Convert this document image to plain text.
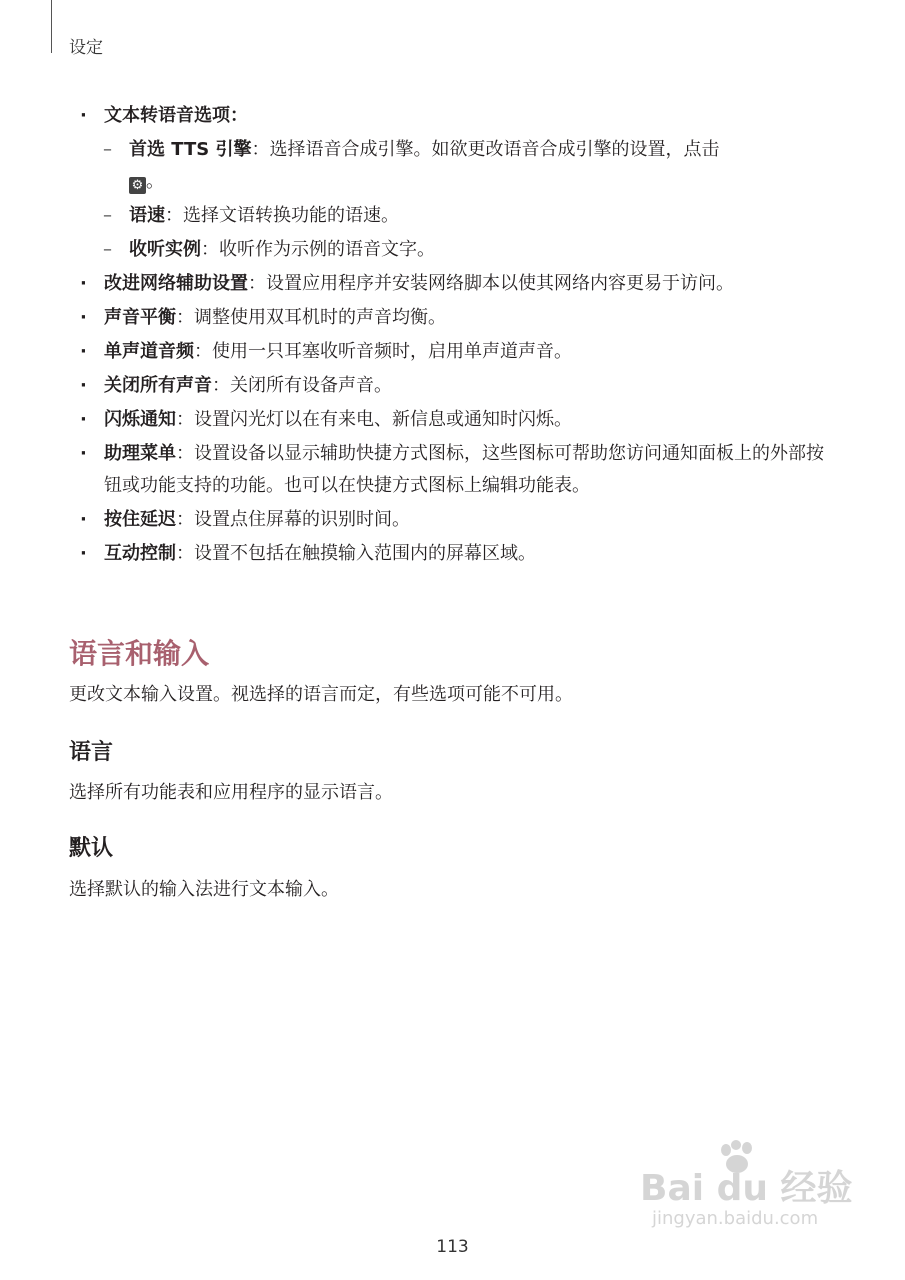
设定
· 文本转语音选项：
– 首选 TTS 引擎：选择语音合成引擎。如欲更改语音合成引擎的设置，点击
⚙ 。
– 语速：选择文语转换功能的语速。
– 收听实例：收听作为示例的语音文字。
· 改进网络辅助设置：设置应用程序并安装网络脚本以使其网络内容更易于访问。
· 声音平衡：调整使用双耳机时的声音均衡。
· 单声道音频：使用一只耳塞收听音频时，启用单声道声音。
· 关闭所有声音：关闭所有设备声音。
· 闪烁通知：设置闪光灯以在有来电、新信息或通知时闪烁。
· 助理菜单：设置设备以显示辅助快捷方式图标，这些图标可帮助您访问通知面板上的外部按钮或功能支持的功能。也可以在快捷方式图标上编辑功能表。
· 按住延迟：设置点住屏幕的识别时间。
· 互动控制：设置不包括在触摸输入范围内的屏幕区域。
语言和输入
更改文本输入设置。视选择的语言而定，有些选项可能不可用。
语言
选择所有功能表和应用程序的显示语言。
默认
选择默认的输入法进行文本输入。
Bai du 经验
jingyan.baidu.com
113
